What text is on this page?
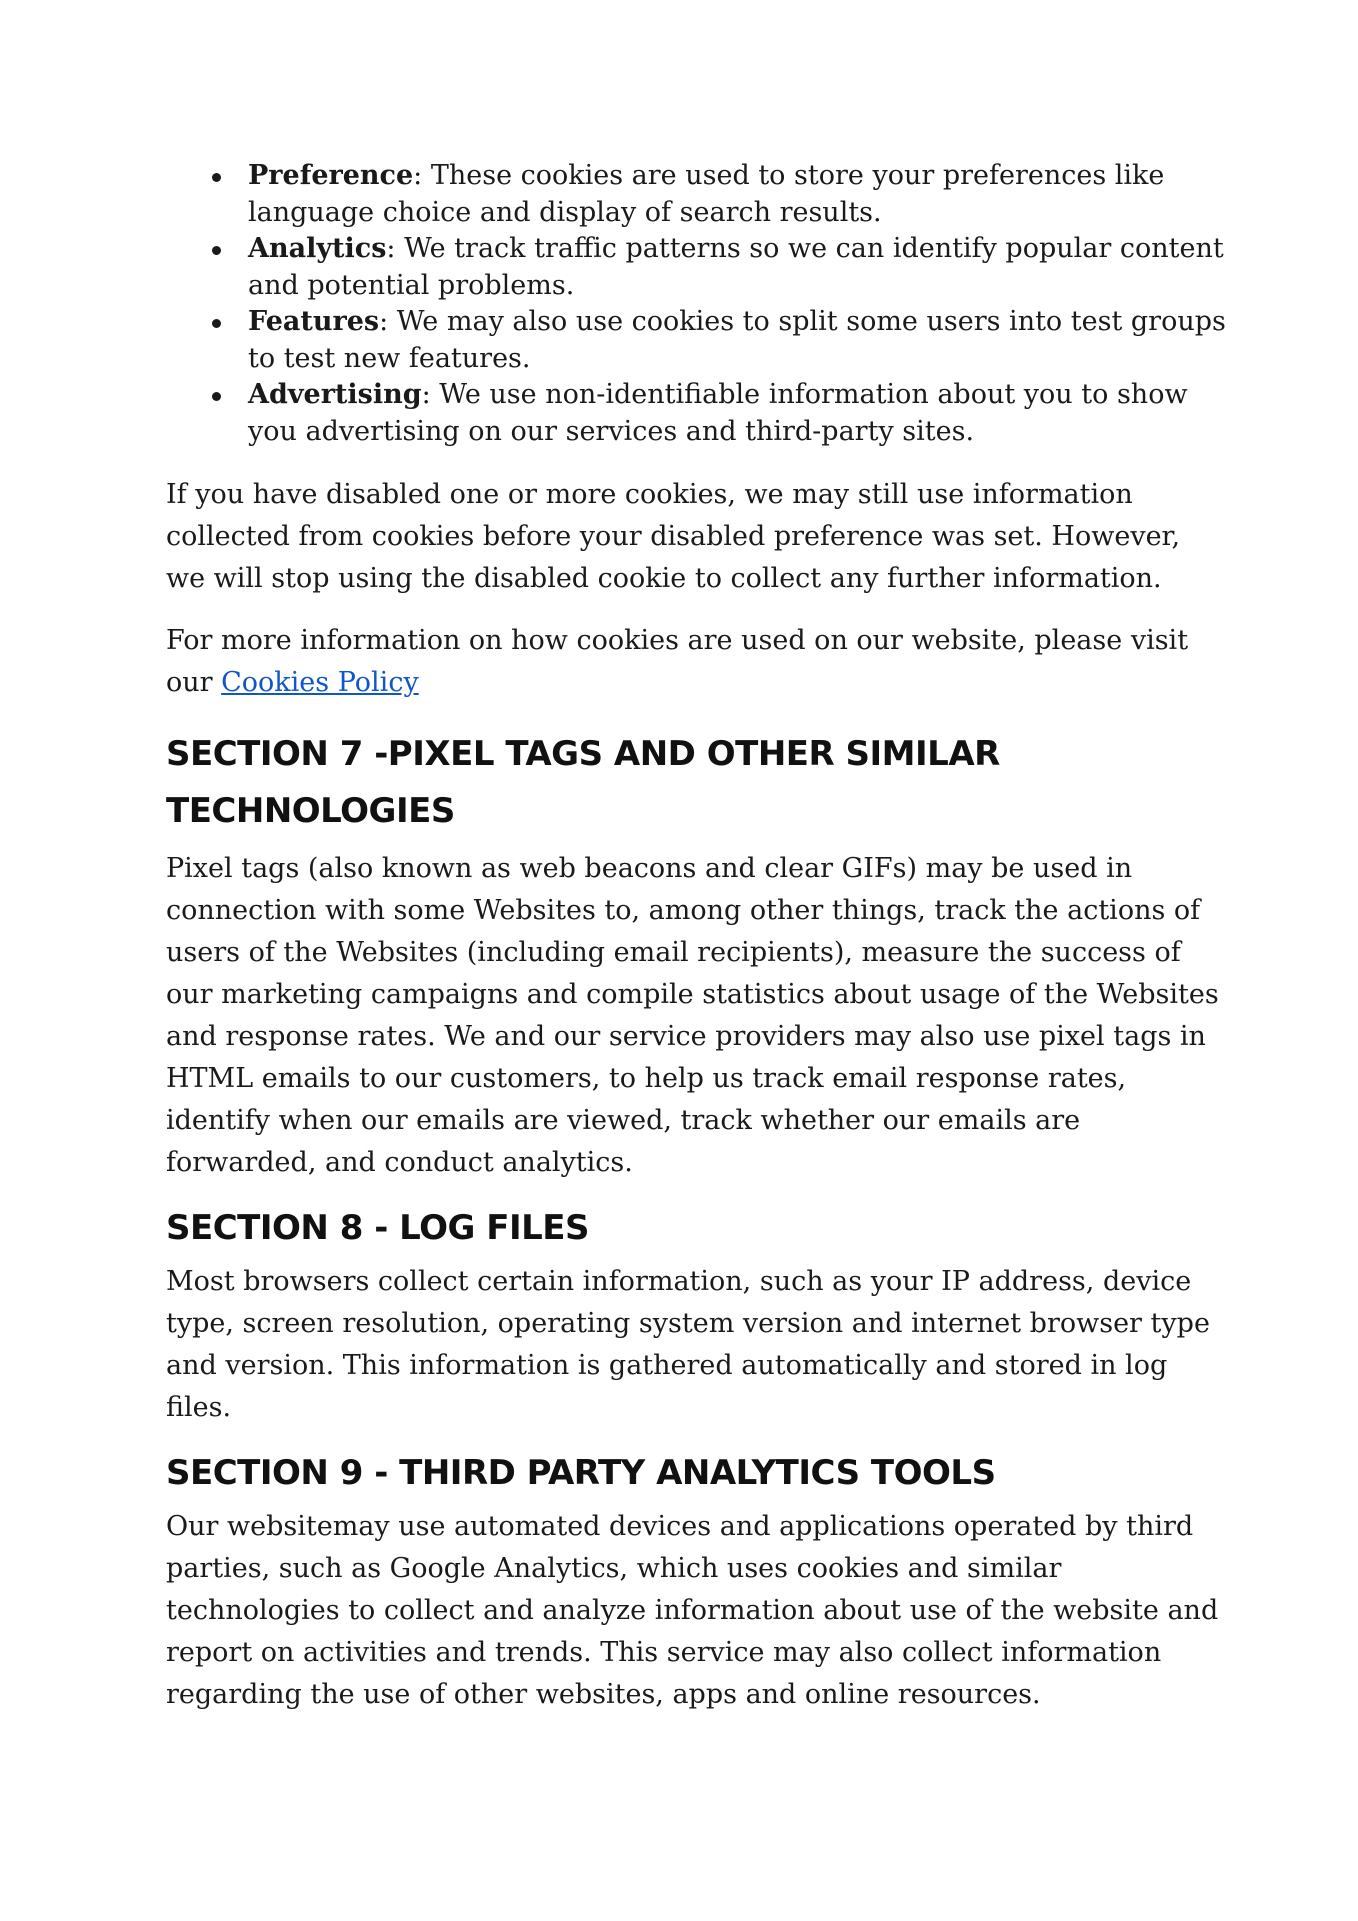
Preference: These cookies are used to store your preferences like language choice and display of search results.
Analytics: We track traffic patterns so we can identify popular content and potential problems.
Features: We may also use cookies to split some users into test groups to test new features.
Advertising: We use non-identifiable information about you to show you advertising on our services and third-party sites.

If you have disabled one or more cookies, we may still use information collected from cookies before your disabled preference was set. However, we will stop using the disabled cookie to collect any further information.

For more information on how cookies are used on our website, please visit our Cookies Policy

SECTION 7 -PIXEL TAGS AND OTHER SIMILAR TECHNOLOGIES

Pixel tags (also known as web beacons and clear GIFs) may be used in connection with some Websites to, among other things, track the actions of users of the Websites (including email recipients), measure the success of our marketing campaigns and compile statistics about usage of the Websites and response rates. We and our service providers may also use pixel tags in HTML emails to our customers, to help us track email response rates, identify when our emails are viewed, track whether our emails are forwarded, and conduct analytics.

SECTION 8 - LOG FILES

Most browsers collect certain information, such as your IP address, device type, screen resolution, operating system version and internet browser type and version. This information is gathered automatically and stored in log files.

SECTION 9 - THIRD PARTY ANALYTICS TOOLS

Our websitemay use automated devices and applications operated by third parties, such as Google Analytics, which uses cookies and similar technologies to collect and analyze information about use of the website and report on activities and trends. This service may also collect information regarding the use of other websites, apps and online resources.
